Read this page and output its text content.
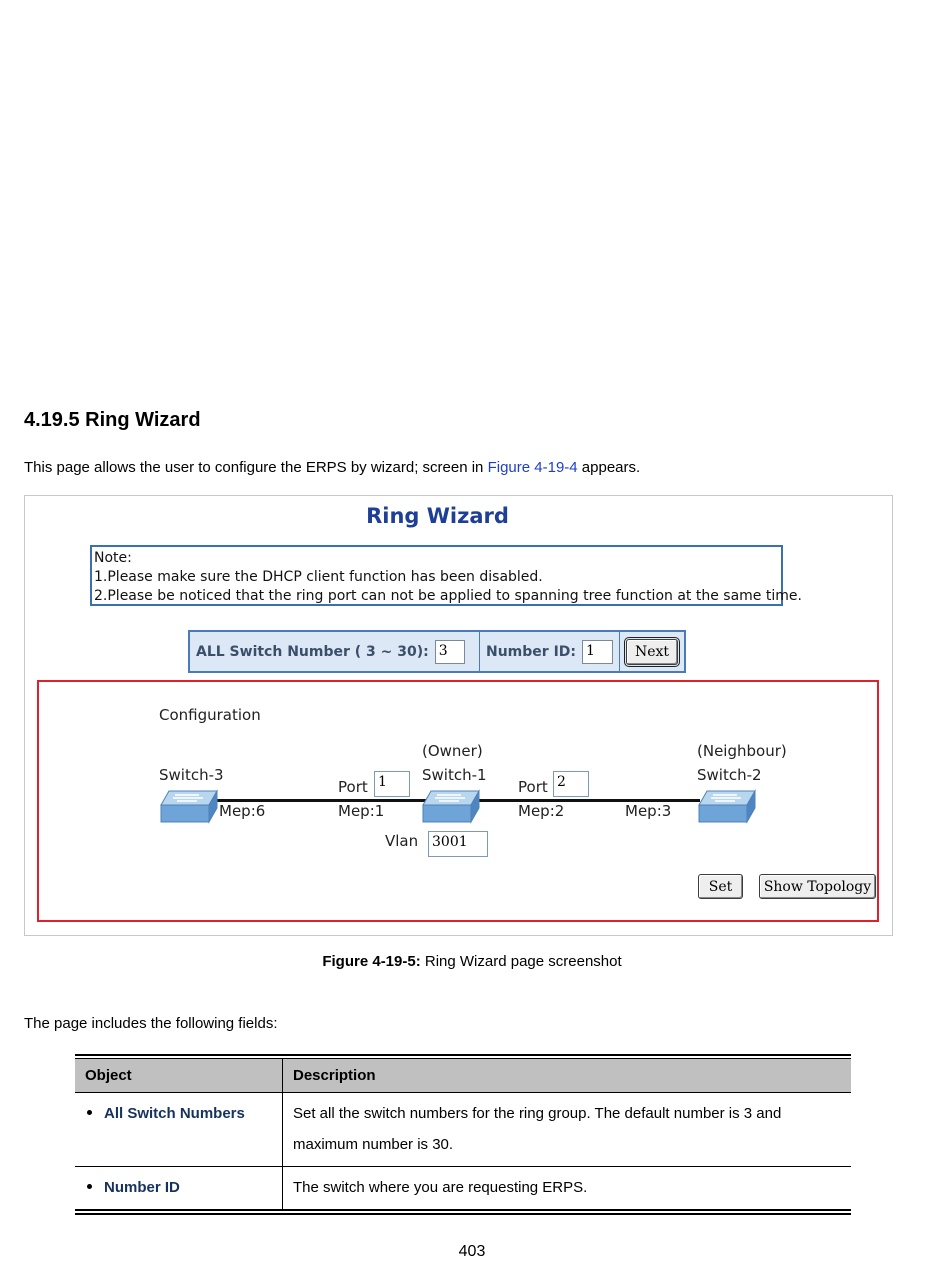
4.19.5 Ring Wizard
This page allows the user to configure the ERPS by wizard; screen in Figure 4-19-4 appears.
Ring Wizard
Note:
1.Please make sure the DHCP client function has been disabled.
2.Please be noticed that the ring port can not be applied to spanning tree function at the same time.
ALL Switch Number ( 3 ~ 30): 3	Number ID: 1	Next
Configuration
(Owner)	(Neighbour)
Switch-3	Switch-1	Switch-2
Port 1	Port 2
Mep:6	Mep:1	Mep:2	Mep:3
Vlan 3001
Set	Show Topology
Figure 4-19-5: Ring Wizard page screenshot
The page includes the following fields:
Object	Description
All Switch Numbers	Set all the switch numbers for the ring group. The default number is 3 and maximum number is 30.
Number ID	The switch where you are requesting ERPS.
403
